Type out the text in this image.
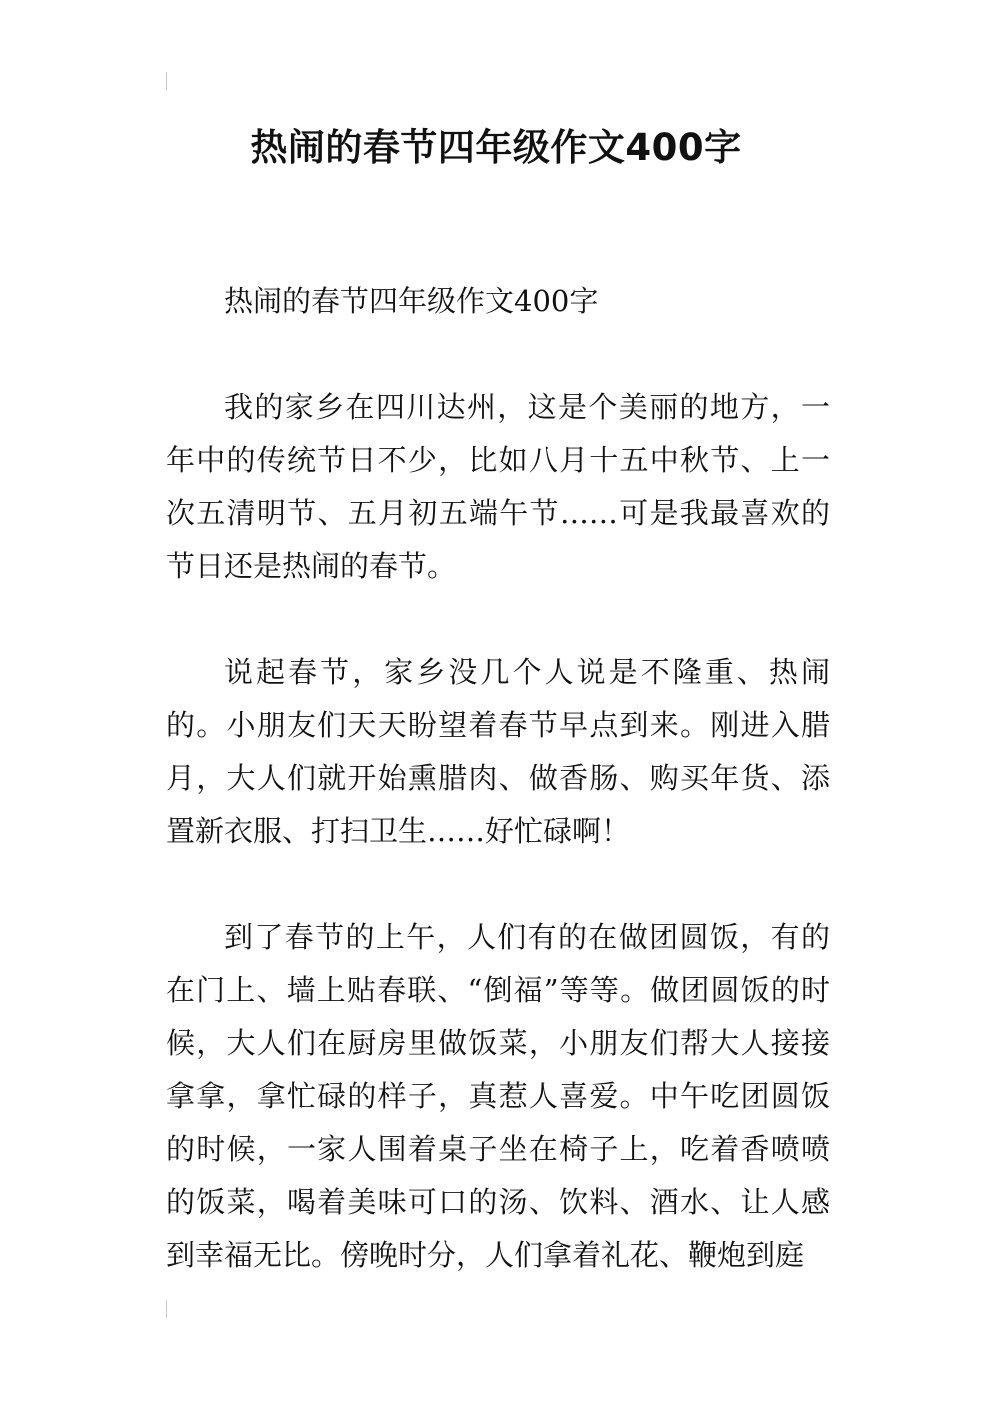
热闹的春节四年级作文400字

热闹的春节四年级作文400字

我的家乡在四川达州，这是个美丽的地方，一年中的传统节日不少，比如八月十五中秋节、上一次五清明节、五月初五端午节……可是我最喜欢的节日还是热闹的春节。

说起春节，家乡没几个人说是不隆重、热闹的。小朋友们天天盼望着春节早点到来。刚进入腊月，大人们就开始熏腊肉、做香肠、购买年货、添置新衣服、打扫卫生……好忙碌啊！

到了春节的上午，人们有的在做团圆饭，有的在门上、墙上贴春联、“倒福”等等。做团圆饭的时候，大人们在厨房里做饭菜，小朋友们帮大人接接拿拿，拿忙碌的样子，真惹人喜爱。中午吃团圆饭的时候，一家人围着桌子坐在椅子上，吃着香喷喷的饭菜，喝着美味可口的汤、饮料、酒水、让人感到幸福无比。傍晚时分，人们拿着礼花、鞭炮到庭
